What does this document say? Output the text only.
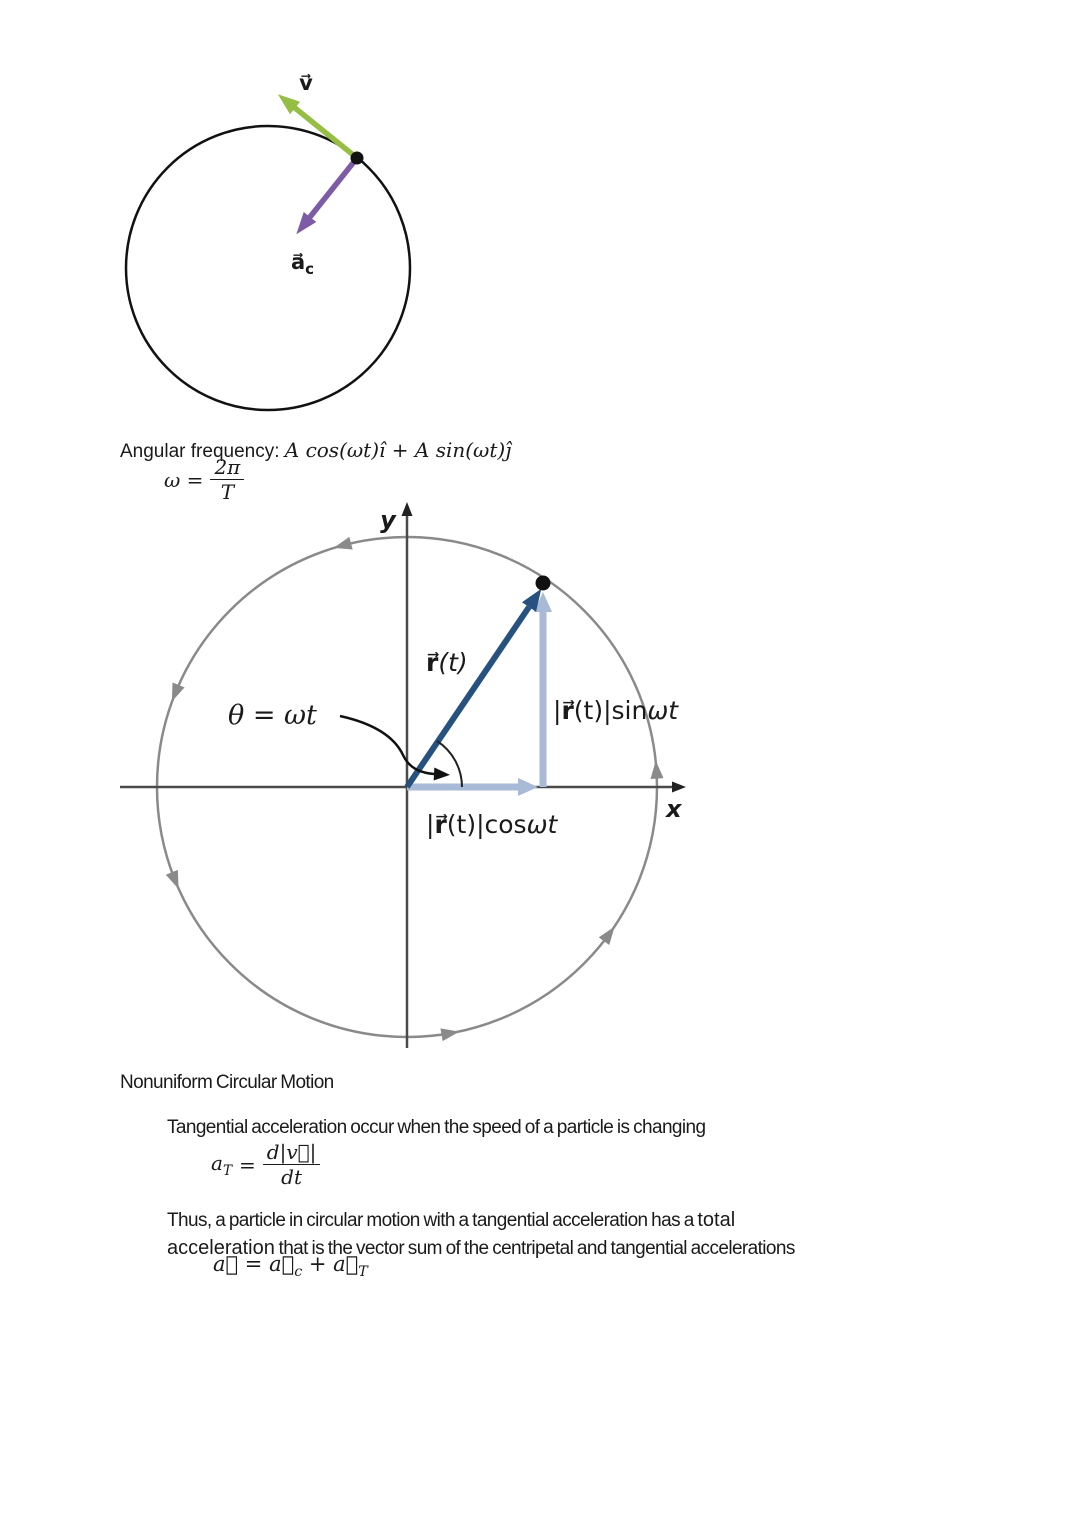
v⃗
$a⃗_c$
Angular frequency: A cos(ωt)î + A sin(ωt)ĵ
$\omega = \frac{2\pi}{T}$
y
x
θ = ωt
r⃗(t)
|r⃗(t)|sinωt
|r⃗(t)|cosωt
Nonuniform Circular Motion
Tangential acceleration occur when the speed of a particle is changing
$a_T = \frac{d|v⃗|}{dt}$
Thus, a particle in circular motion with a tangential acceleration has a total
acceleration that is the vector sum of the centripetal and tangential accelerations
a⃗ = $a⃗_c$ + $a⃗_T$
